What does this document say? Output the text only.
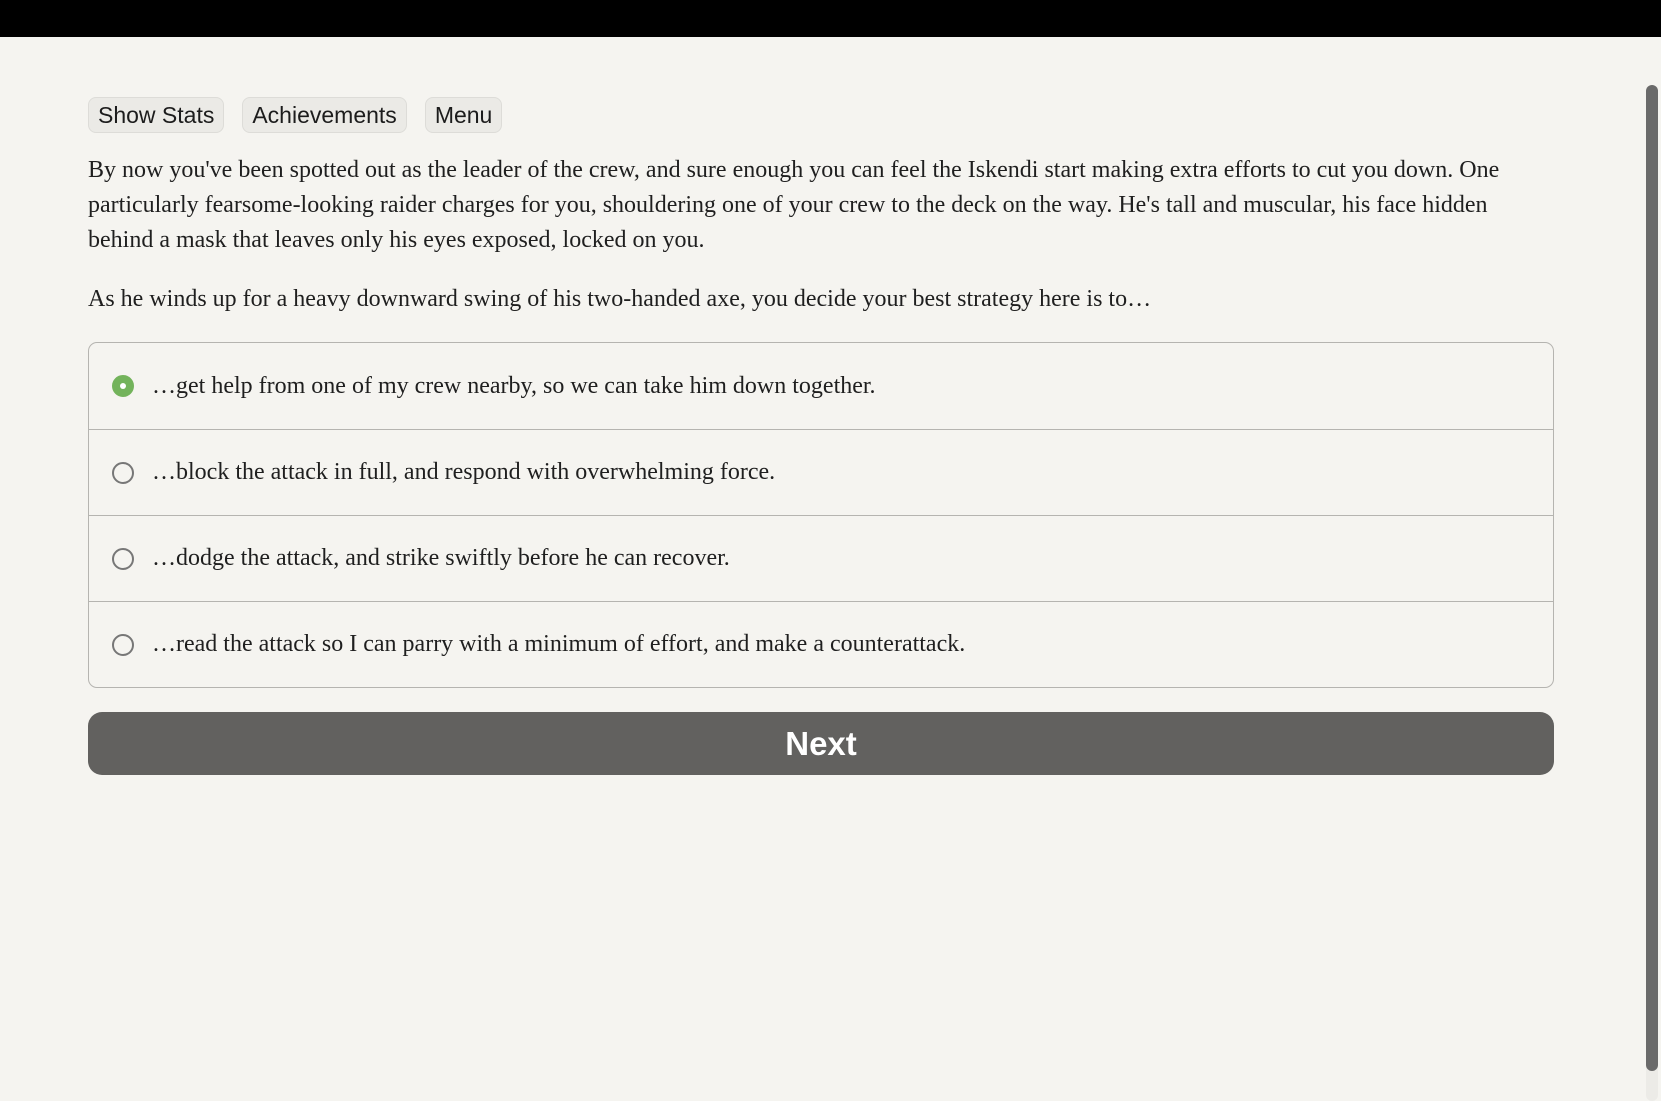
Show Stats	Achievements	Menu

By now you've been spotted out as the leader of the crew, and sure enough you can feel the Iskendi start making extra efforts to cut you down. One particularly fearsome-looking raider charges for you, shouldering one of your crew to the deck on the way. He's tall and muscular, his face hidden behind a mask that leaves only his eyes exposed, locked on you.

As he winds up for a heavy downward swing of his two-handed axe, you decide your best strategy here is to…

…get help from one of my crew nearby, so we can take him down together.
…block the attack in full, and respond with overwhelming force.
…dodge the attack, and strike swiftly before he can recover.
…read the attack so I can parry with a minimum of effort, and make a counterattack.
Next
